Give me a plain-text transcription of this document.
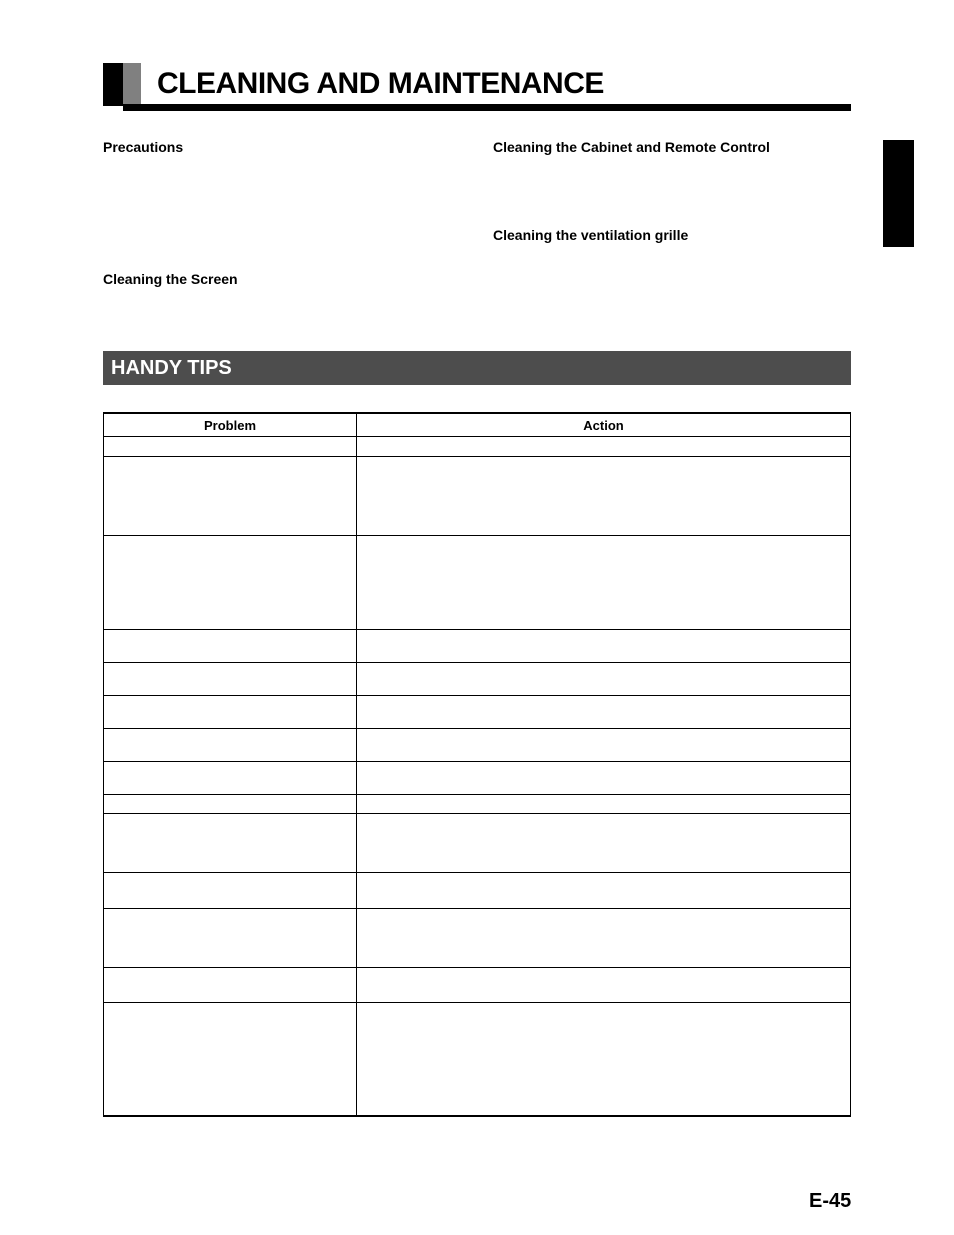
CLEANING AND MAINTENANCE
Precautions
Cleaning the Screen
Cleaning the Cabinet and Remote Control
Cleaning the ventilation grille
HANDY TIPS
Problem	Action

E-45
